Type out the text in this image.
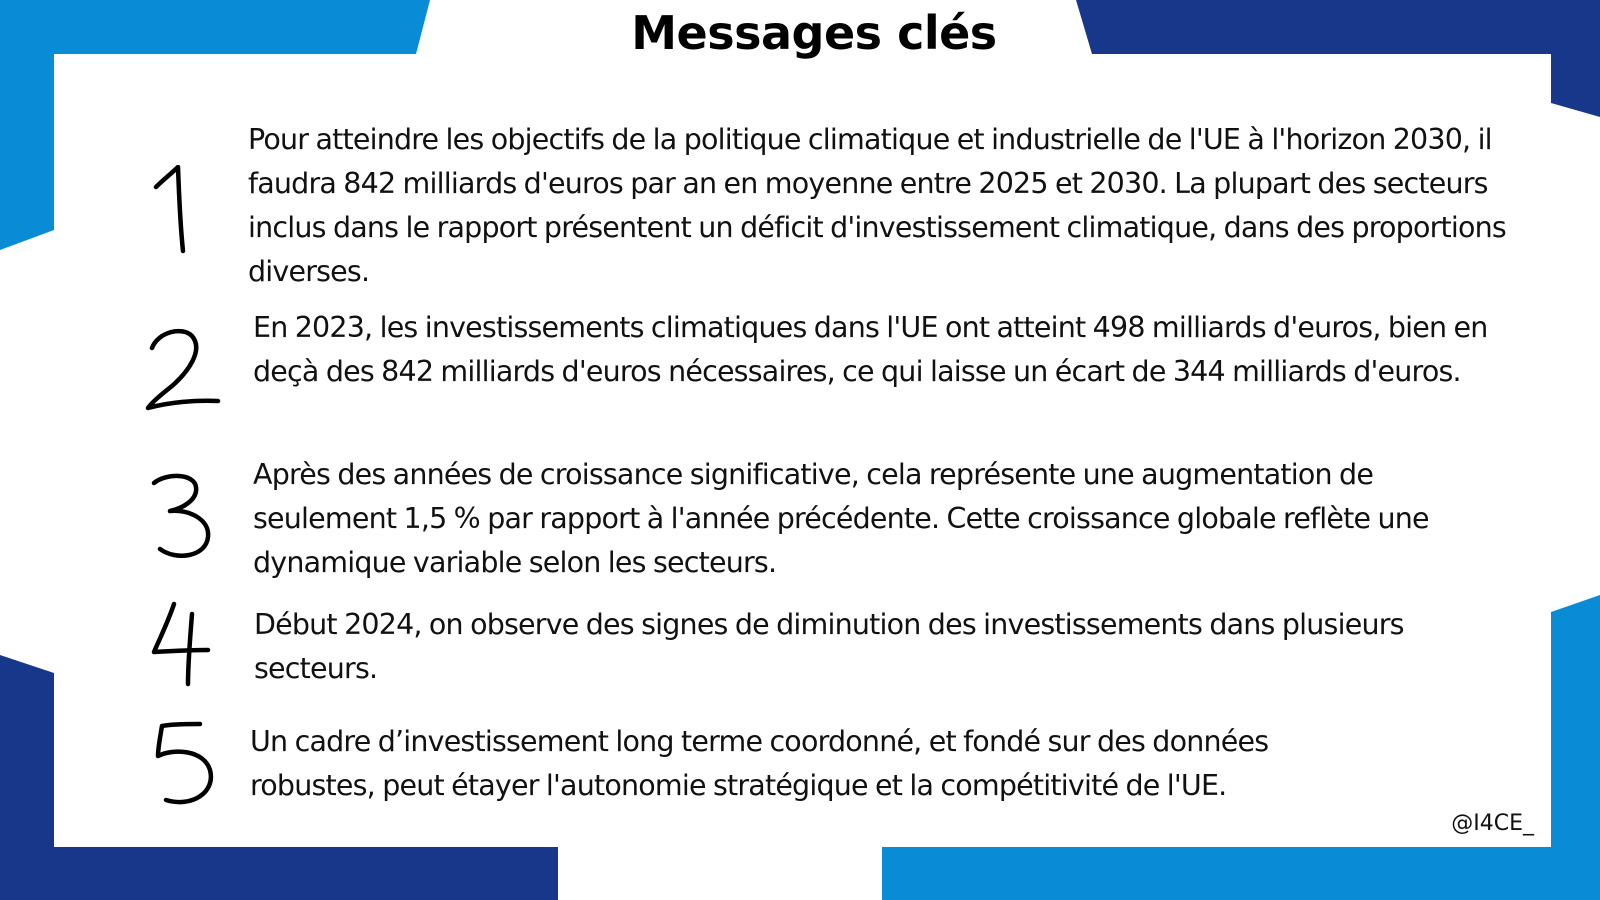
Messages clés

Pour atteindre les objectifs de la politique climatique et industrielle de l'UE à l'horizon 2030, il faudra 842 milliards d'euros par an en moyenne entre 2025 et 2030. La plupart des secteurs inclus dans le rapport présentent un déficit d'investissement climatique, dans des proportions diverses.

En 2023, les investissements climatiques dans l'UE ont atteint 498 milliards d'euros, bien en deçà des 842 milliards d'euros nécessaires, ce qui laisse un écart de 344 milliards d'euros.

Après des années de croissance significative, cela représente une augmentation de seulement 1,5 % par rapport à l'année précédente. Cette croissance globale reflète une dynamique variable selon les secteurs.

Début 2024, on observe des signes de diminution des investissements dans plusieurs secteurs.

Un cadre d’investissement long terme coordonné, et fondé sur des données robustes, peut étayer l'autonomie stratégique et la compétitivité de l'UE.

@I4CE_
